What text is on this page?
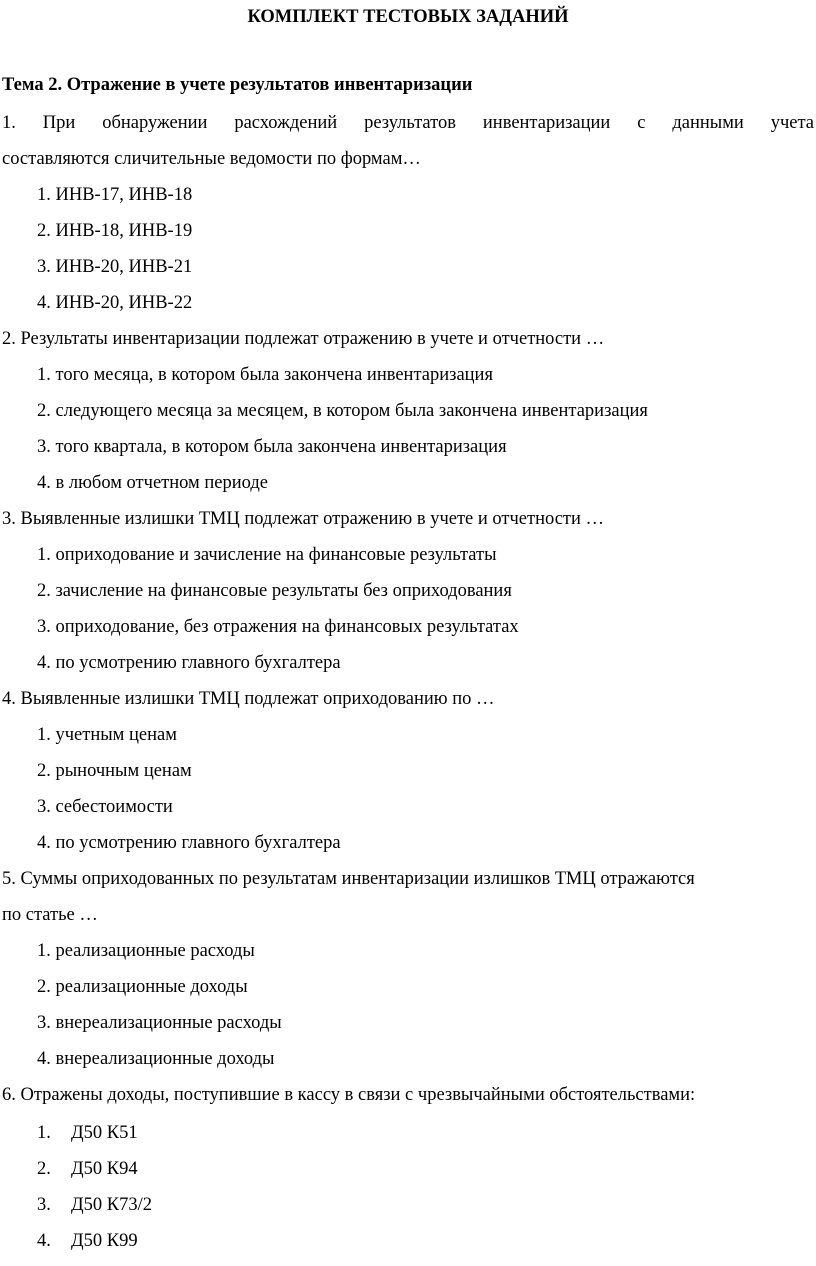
КОМПЛЕКТ ТЕСТОВЫХ ЗАДАНИЙ
Тема 2. Отражение в учете результатов инвентаризации
1. При обнаружении расхождений результатов инвентаризации с данными учета
составляются сличительные ведомости по формам…
1. ИНВ-17, ИНВ-18
2. ИНВ-18, ИНВ-19
3. ИНВ-20, ИНВ-21
4. ИНВ-20, ИНВ-22
2. Результаты инвентаризации подлежат отражению в учете и отчетности …
1. того месяца, в котором была закончена инвентаризация
2. следующего месяца за месяцем, в котором была закончена инвентаризация
3. того квартала, в котором была закончена инвентаризация
4. в любом отчетном периоде
3. Выявленные излишки ТМЦ подлежат отражению в учете и отчетности …
1. оприходование и зачисление на финансовые результаты
2. зачисление на финансовые результаты без оприходования
3. оприходование, без отражения на финансовых результатах
4. по усмотрению главного бухгалтера
4. Выявленные излишки ТМЦ подлежат оприходованию по …
1. учетным ценам
2. рыночным ценам
3. себестоимости
4. по усмотрению главного бухгалтера
5. Суммы оприходованных по результатам инвентаризации излишков ТМЦ отражаются
по статье …
1. реализационные расходы
2. реализационные доходы
3. внереализационные расходы
4. внереализационные доходы
6. Отражены доходы, поступившие в кассу в связи с чрезвычайными обстоятельствами:
1. Д50 К51
2. Д50 К94
3. Д50 К73/2
4. Д50 К99
